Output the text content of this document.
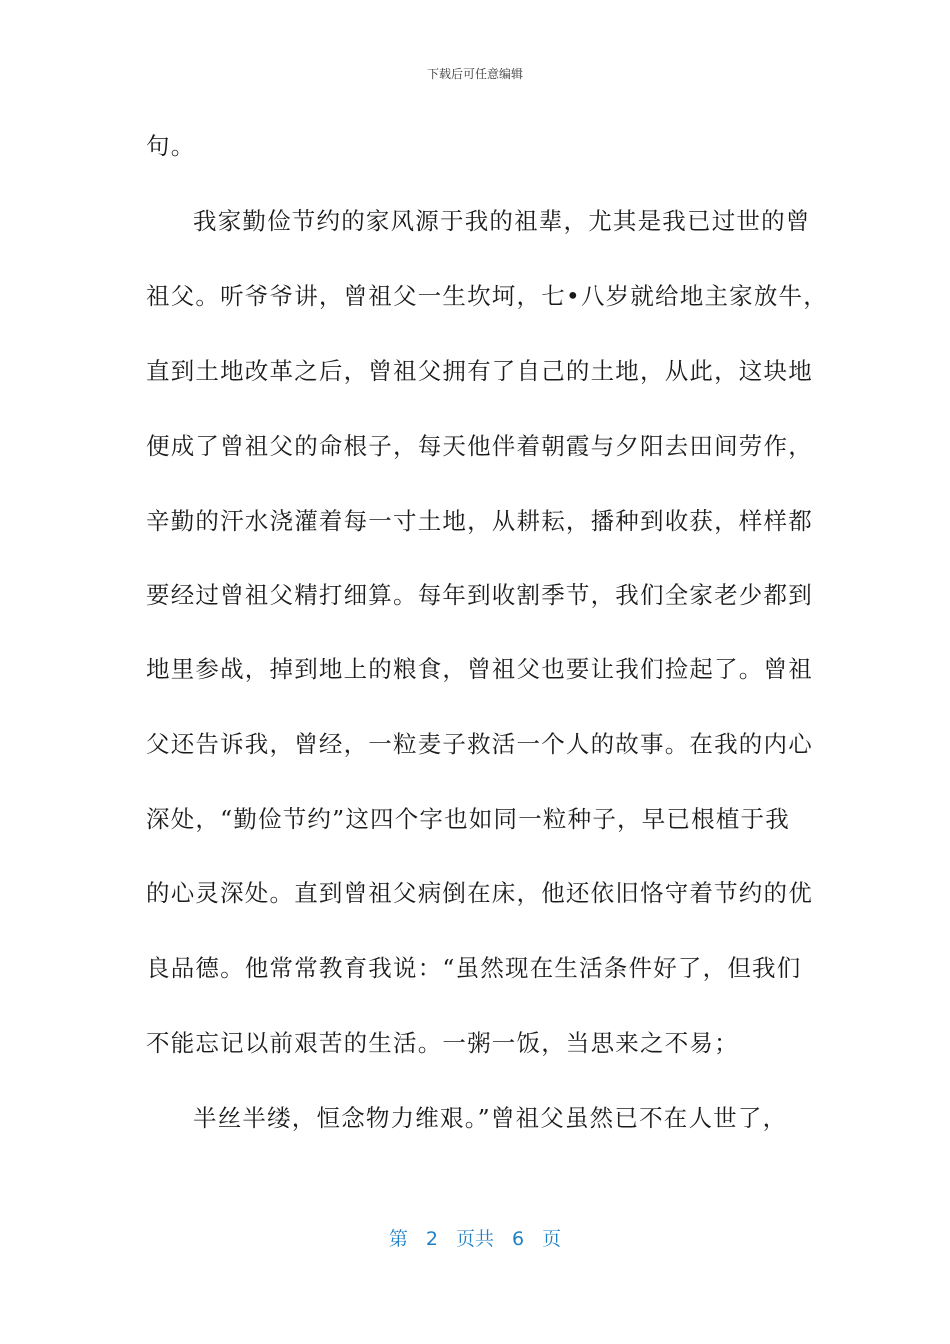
下载后可任意编辑
句。
我家勤俭节约的家风源于我的祖辈，尤其是我已过世的曾
祖父。听爷爷讲，曾祖父一生坎坷，七•八岁就给地主家放牛，
直到土地改革之后，曾祖父拥有了自己的土地，从此，这块地
便成了曾祖父的命根子，每天他伴着朝霞与夕阳去田间劳作，
辛勤的汗水浇灌着每一寸土地，从耕耘，播种到收获，样样都
要经过曾祖父精打细算。每年到收割季节，我们全家老少都到
地里参战，掉到地上的粮食，曾祖父也要让我们捡起了。曾祖
父还告诉我，曾经，一粒麦子救活一个人的故事。在我的内心
深处，“勤俭节约”这四个字也如同一粒种子，早已根植于我
的心灵深处。直到曾祖父病倒在床，他还依旧恪守着节约的优
良品德。他常常教育我说：“虽然现在生活条件好了，但我们
不能忘记以前艰苦的生活。一粥一饭，当思来之不易；
半丝半缕，恒念物力维艰。”曾祖父虽然已不在人世了，
第 2 页共 6 页
